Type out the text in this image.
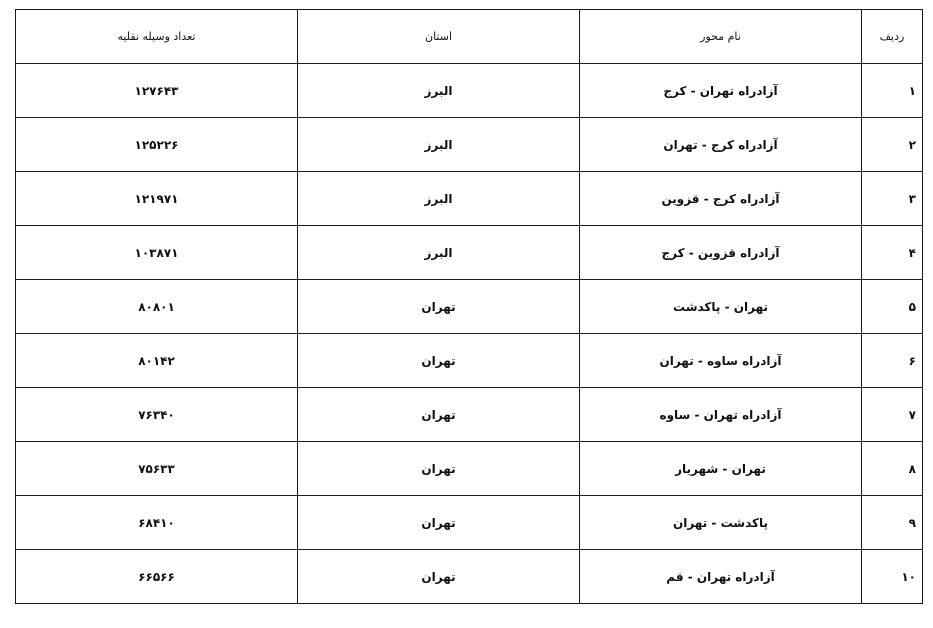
ردیف	نام محور	استان	تعداد وسیله نقلیه
۱	آزادراه تهران - کرج	البرز	۱۲۷۶۴۳
۲	آزادراه کرج - تهران	البرز	۱۲۵۲۲۶
۳	آزادراه کرج - قزوین	البرز	۱۲۱۹۷۱
۴	آزادراه قزوین - کرج	البرز	۱۰۳۸۷۱
۵	تهران - پاکدشت	تهران	۸۰۸۰۱
۶	آزادراه ساوه - تهران	تهران	۸۰۱۴۲
۷	آزادراه تهران - ساوه	تهران	۷۶۳۴۰
۸	تهران - شهریار	تهران	۷۵۶۳۳
۹	پاکدشت - تهران	تهران	۶۸۴۱۰
۱۰	آزادراه تهران - قم	تهران	۶۶۵۶۶
